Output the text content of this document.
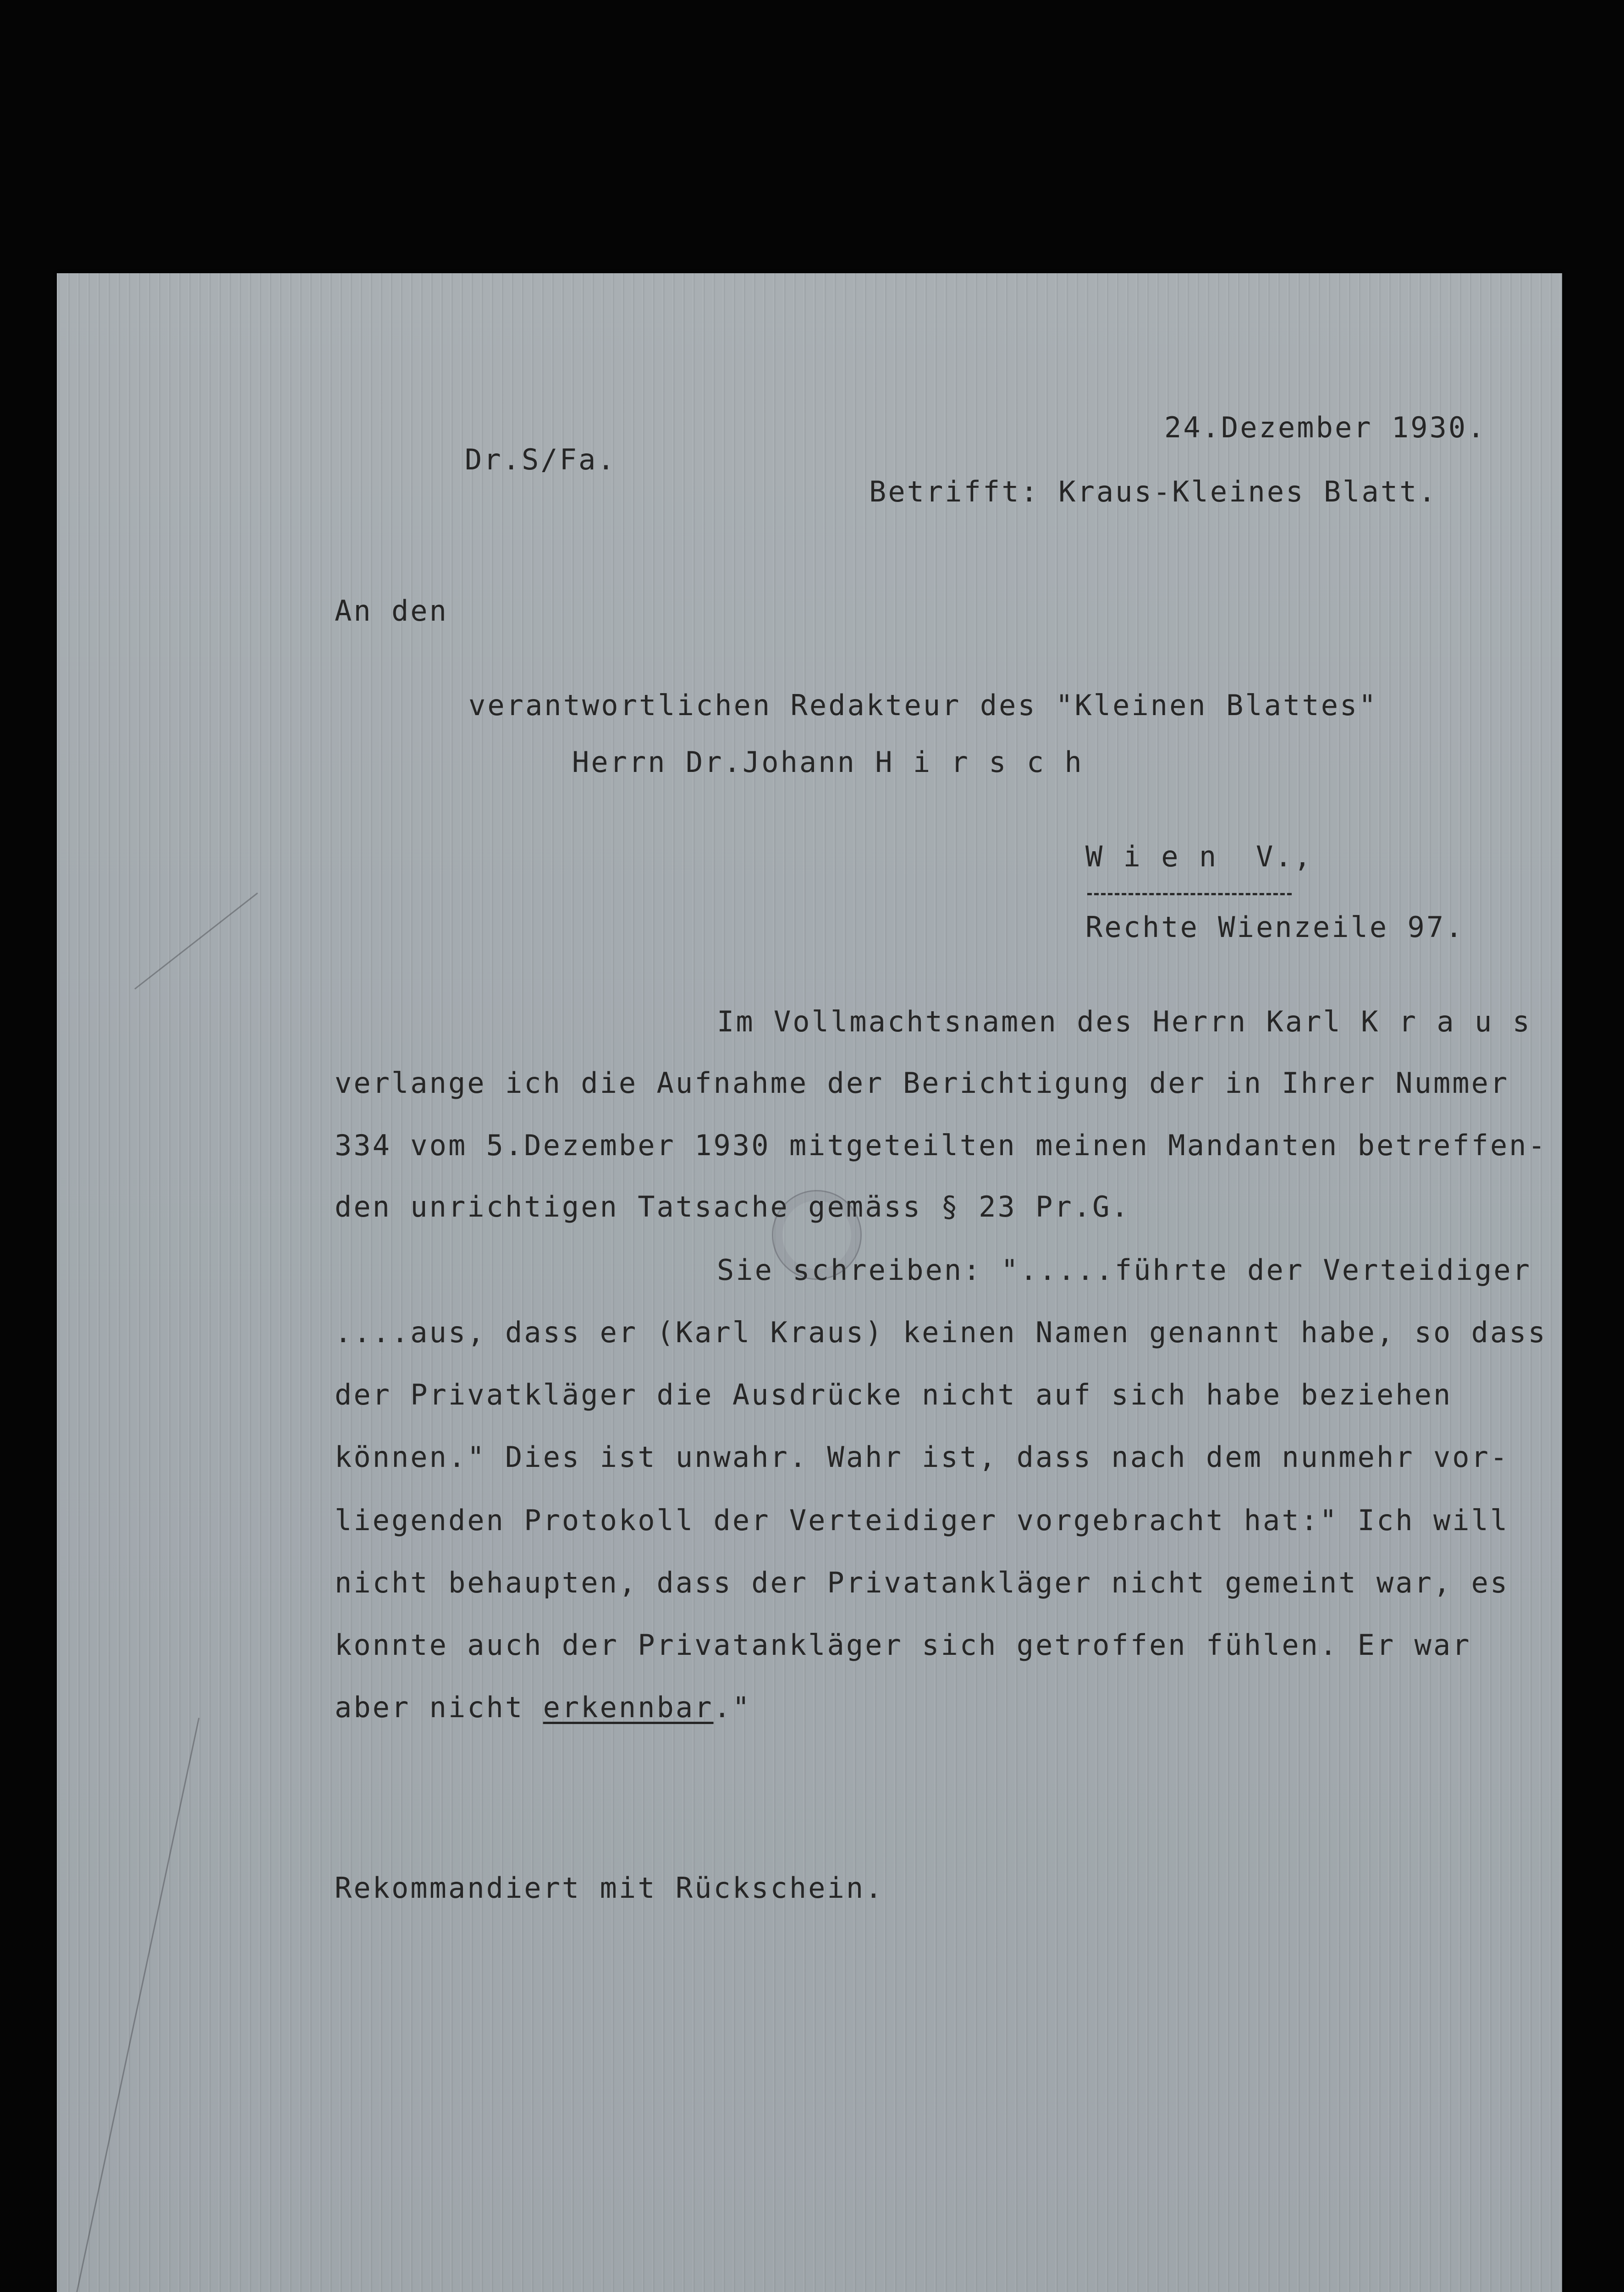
24.Dezember 1930.

Dr.S/Fa.

Betrifft: Kraus-Kleines Blatt.

An den

verantwortlichen Redakteur des "Kleinen Blattes"

Herrn Dr.Johann H i r s c h

W i e n  V.,

Rechte Wienzeile 97.

Im Vollmachtsnamen des Herrn Karl K r a u s

verlange ich die Aufnahme der Berichtigung der in Ihrer Nummer

334 vom 5.Dezember 1930 mitgeteilten meinen Mandanten betreffen-

den unrichtigen Tatsache gemäss § 23 Pr.G.

Sie schreiben: ".....führte der Verteidiger

....aus, dass er (Karl Kraus) keinen Namen genannt habe, so dass

der Privatkläger die Ausdrücke nicht auf sich habe beziehen

können." Dies ist unwahr. Wahr ist, dass nach dem nunmehr vor-

liegenden Protokoll der Verteidiger vorgebracht hat:" Ich will

nicht behaupten, dass der Privatankläger nicht gemeint war, es

konnte auch der Privatankläger sich getroffen fühlen. Er war

aber nicht erkennbar."

Rekommandiert mit Rückschein.
